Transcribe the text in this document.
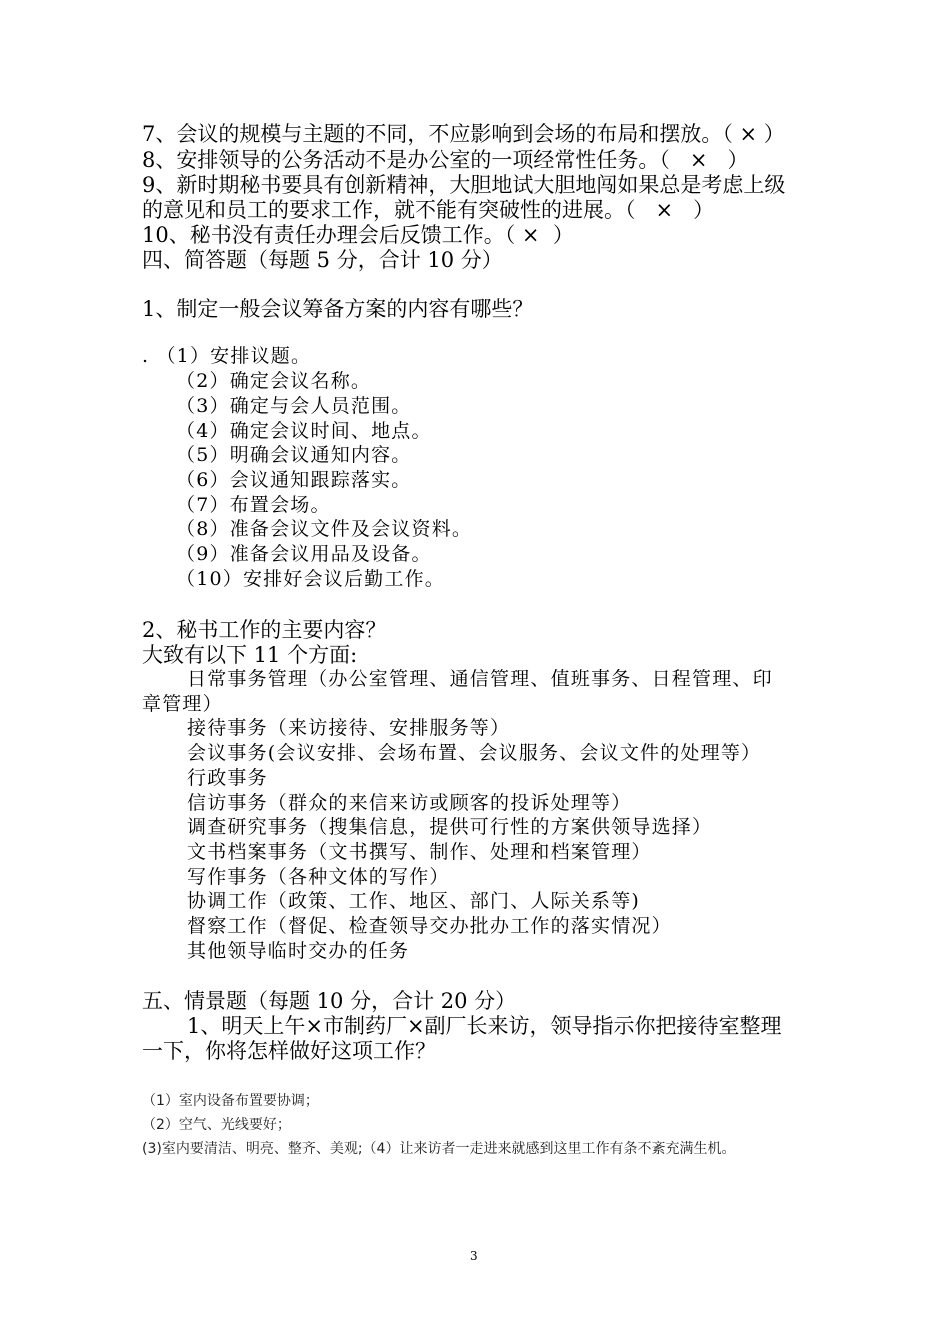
7、会议的规模与主题的不同，不应影响到会场的布局和摆放。（ × ）
8、安排领导的公务活动不是办公室的一项经常性任务。（   ×   ）
9、新时期秘书要具有创新精神，大胆地试大胆地闯如果总是考虑上级
的意见和员工的要求工作，就不能有突破性的进展。（   ×   ）
10、秘书没有责任办理会后反馈工作。（ ×  ）
四、简答题（每题 5 分，合计 10 分）
1、制定一般会议筹备方案的内容有哪些？
. （1）安排议题。
（2）确定会议名称。
（3）确定与会人员范围。
（4）确定会议时间、地点。
（5）明确会议通知内容。
（6）会议通知跟踪落实。
（7）布置会场。
（8）准备会议文件及会议资料。
（9）准备会议用品及设备。
（10）安排好会议后勤工作。
2、秘书工作的主要内容？
大致有以下 11 个方面:
日常事务管理（办公室管理、通信管理、值班事务、日程管理、印
章管理）
接待事务（来访接待、安排服务等）
会议事务(会议安排、会场布置、会议服务、会议文件的处理等）
行政事务
信访事务（群众的来信来访或顾客的投诉处理等）
调查研究事务（搜集信息，提供可行性的方案供领导选择）
文书档案事务（文书撰写、制作、处理和档案管理）
写作事务（各种文体的写作）
协调工作（政策、工作、地区、部门、人际关系等)
督察工作（督促、检查领导交办批办工作的落实情况）
其他领导临时交办的任务
五、情景题（每题 10 分，合计 20 分）
1、明天上午×市制药厂×副厂长来访，领导指示你把接待室整理
一下，你将怎样做好这项工作？
（1）室内设备布置要协调；
（2）空气、光线要好；
(3)室内要清洁、明亮、整齐、美观;（4）让来访者一走进来就感到这里工作有条不紊充满生机。
3
